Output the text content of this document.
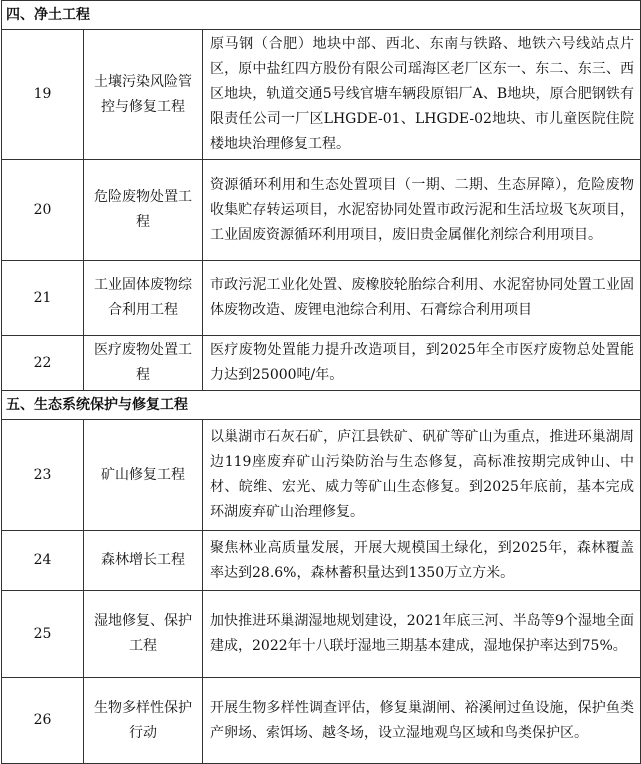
四、净土工程		
19	土壤污染风险管控与修复工程	原马钢（合肥）地块中部、西北、东南与铁路、地铁六号线站点片区，原中盐红四方股份有限公司瑶海区老厂区东一、东二、东三、西区地块，轨道交通5号线官塘车辆段原铝厂A、B地块，原合肥钢铁有限责任公司一厂区LHGDE-01、LHGDE-02地块、市儿童医院住院楼地块治理修复工程。
20	危险废物处置工程	资源循环利用和生态处置项目（一期、二期、生态屏障），危险废物收集贮存转运项目，水泥窑协同处置市政污泥和生活垃圾飞灰项目，工业固废资源循环利用项目，废旧贵金属催化剂综合利用项目。
21	工业固体废物综合利用工程	市政污泥工业化处置、废橡胶轮胎综合利用、水泥窑协同处置工业固体废物改造、废锂电池综合利用、石膏综合利用项目
22	医疗废物处置工程	医疗废物处置能力提升改造项目，到2025年全市医疗废物总处置能力达到25000吨/年。
五、生态系统保护与修复工程		
23	矿山修复工程	以巢湖市石灰石矿，庐江县铁矿、矾矿等矿山为重点，推进环巢湖周边119座废弃矿山污染防治与生态修复，高标准按期完成钟山、中材、皖维、宏光、威力等矿山生态修复。到2025年底前，基本完成环湖废弃矿山治理修复。
24	森林增长工程	聚焦林业高质量发展，开展大规模国土绿化，到2025年，森林覆盖率达到28.6%，森林蓄积量达到1350万立方米。
25	湿地修复、保护工程	加快推进环巢湖湿地规划建设，2021年底三河、半岛等9个湿地全面建成，2022年十八联圩湿地三期基本建成，湿地保护率达到75%。
26	生物多样性保护行动	开展生物多样性调查评估，修复巢湖闸、裕溪闸过鱼设施，保护鱼类产卵场、索饵场、越冬场，设立湿地观鸟区域和鸟类保护区。
